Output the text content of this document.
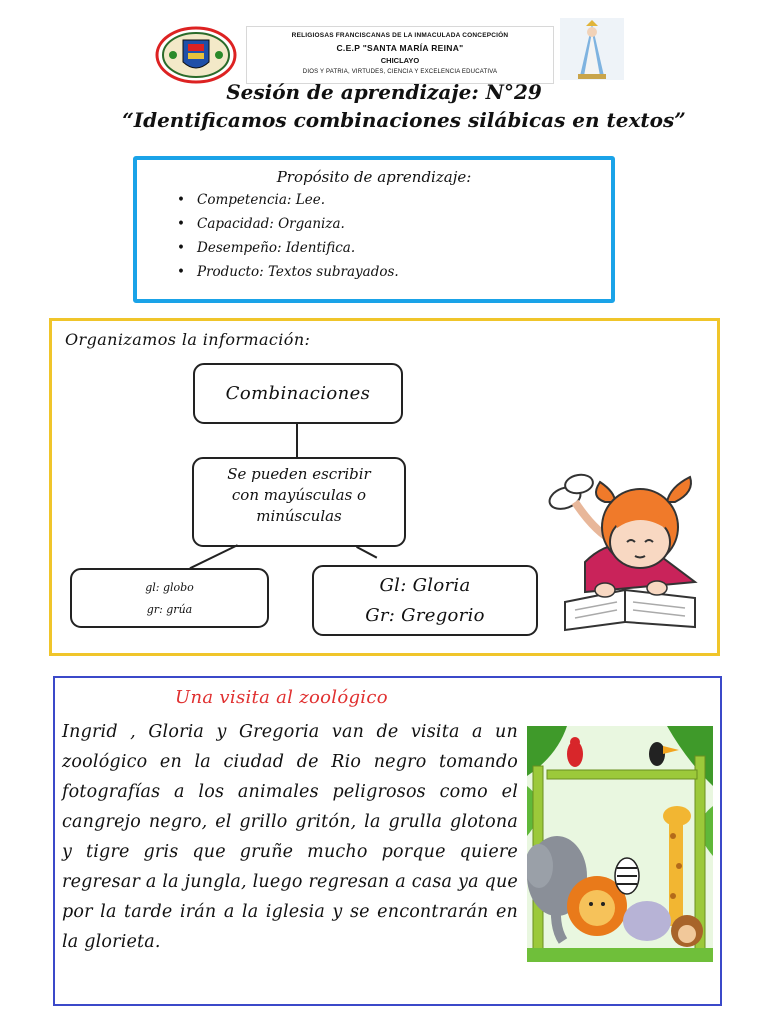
RELIGIOSAS FRANCISCANAS DE LA INMACULADA CONCEPCIÓN
C.E.P "SANTA MARÍA REINA"
CHICLAYO
DIOS Y PATRIA, VIRTUDES, CIENCIA Y EXCELENCIA EDUCATIVA
Sesión de aprendizaje: N°29
“Identificamos combinaciones silábicas en textos”
Propósito de aprendizaje:
• Competencia: Lee.
• Capacidad: Organiza.
• Desempeño: Identifica.
• Producto: Textos subrayados.
Organizamos la información:
Combinaciones
Se pueden escribir
con mayúsculas o
minúsculas
gl: globo
gr: grúa
Gl: Gloria
Gr: Gregorio
Una visita al zoológico
Ingrid , Gloria y Gregoria van de visita a un zoológico en la ciudad de Rio negro tomando fotografías a los animales peligrosos como el cangrejo negro, el grillo gritón, la grulla glotona y tigre gris que gruñe mucho porque quiere regresar a la jungla, luego regresan a casa ya que por la tarde irán a la iglesia y se encontrarán en la glorieta.
